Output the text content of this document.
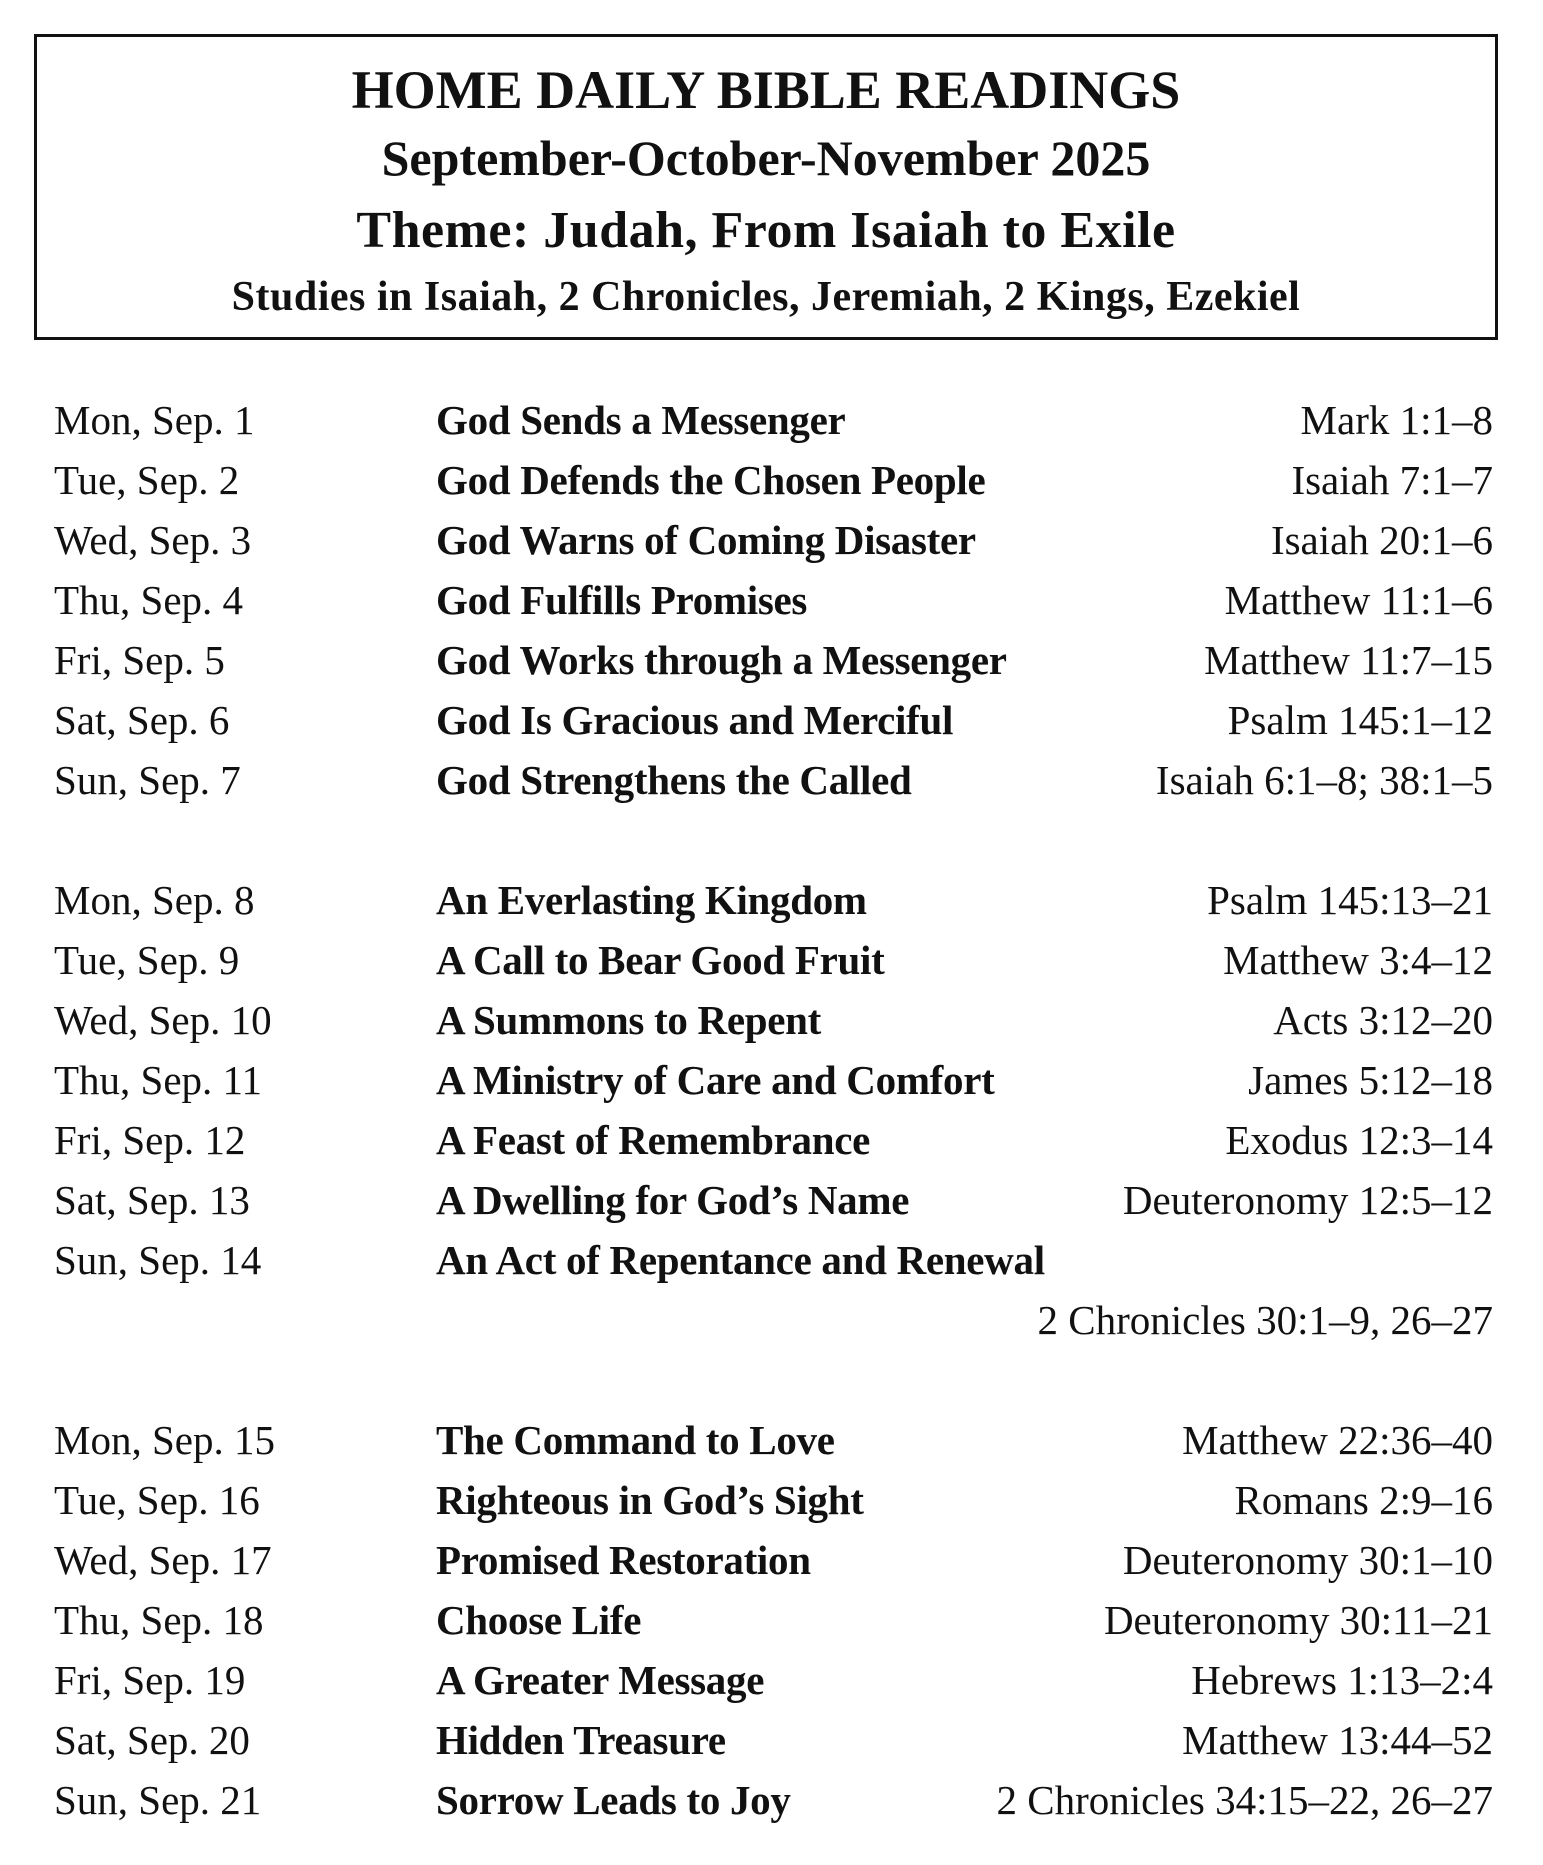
HOME DAILY BIBLE READINGS
September-October-November 2025
Theme: Judah, From Isaiah to Exile
Studies in Isaiah, 2 Chronicles, Jeremiah, 2 Kings, Ezekiel
Mon, Sep. 1	God Sends a Messenger	Mark 1:1–8
Tue, Sep. 2	God Defends the Chosen People	Isaiah 7:1–7
Wed, Sep. 3	God Warns of Coming Disaster	Isaiah 20:1–6
Thu, Sep. 4	God Fulfills Promises	Matthew 11:1–6
Fri, Sep. 5	God Works through a Messenger	Matthew 11:7–15
Sat, Sep. 6	God Is Gracious and Merciful	Psalm 145:1–12
Sun, Sep. 7	God Strengthens the Called	Isaiah 6:1–8; 38:1–5
Mon, Sep. 8	An Everlasting Kingdom	Psalm 145:13–21
Tue, Sep. 9	A Call to Bear Good Fruit	Matthew 3:4–12
Wed, Sep. 10	A Summons to Repent	Acts 3:12–20
Thu, Sep. 11	A Ministry of Care and Comfort	James 5:12–18
Fri, Sep. 12	A Feast of Remembrance	Exodus 12:3–14
Sat, Sep. 13	A Dwelling for God’s Name	Deuteronomy 12:5–12
Sun, Sep. 14	An Act of Repentance and Renewal
2 Chronicles 30:1–9, 26–27
Mon, Sep. 15	The Command to Love	Matthew 22:36–40
Tue, Sep. 16	Righteous in God’s Sight	Romans 2:9–16
Wed, Sep. 17	Promised Restoration	Deuteronomy 30:1–10
Thu, Sep. 18	Choose Life	Deuteronomy 30:11–21
Fri, Sep. 19	A Greater Message	Hebrews 1:13–2:4
Sat, Sep. 20	Hidden Treasure	Matthew 13:44–52
Sun, Sep. 21	Sorrow Leads to Joy	2 Chronicles 34:15–22, 26–27
